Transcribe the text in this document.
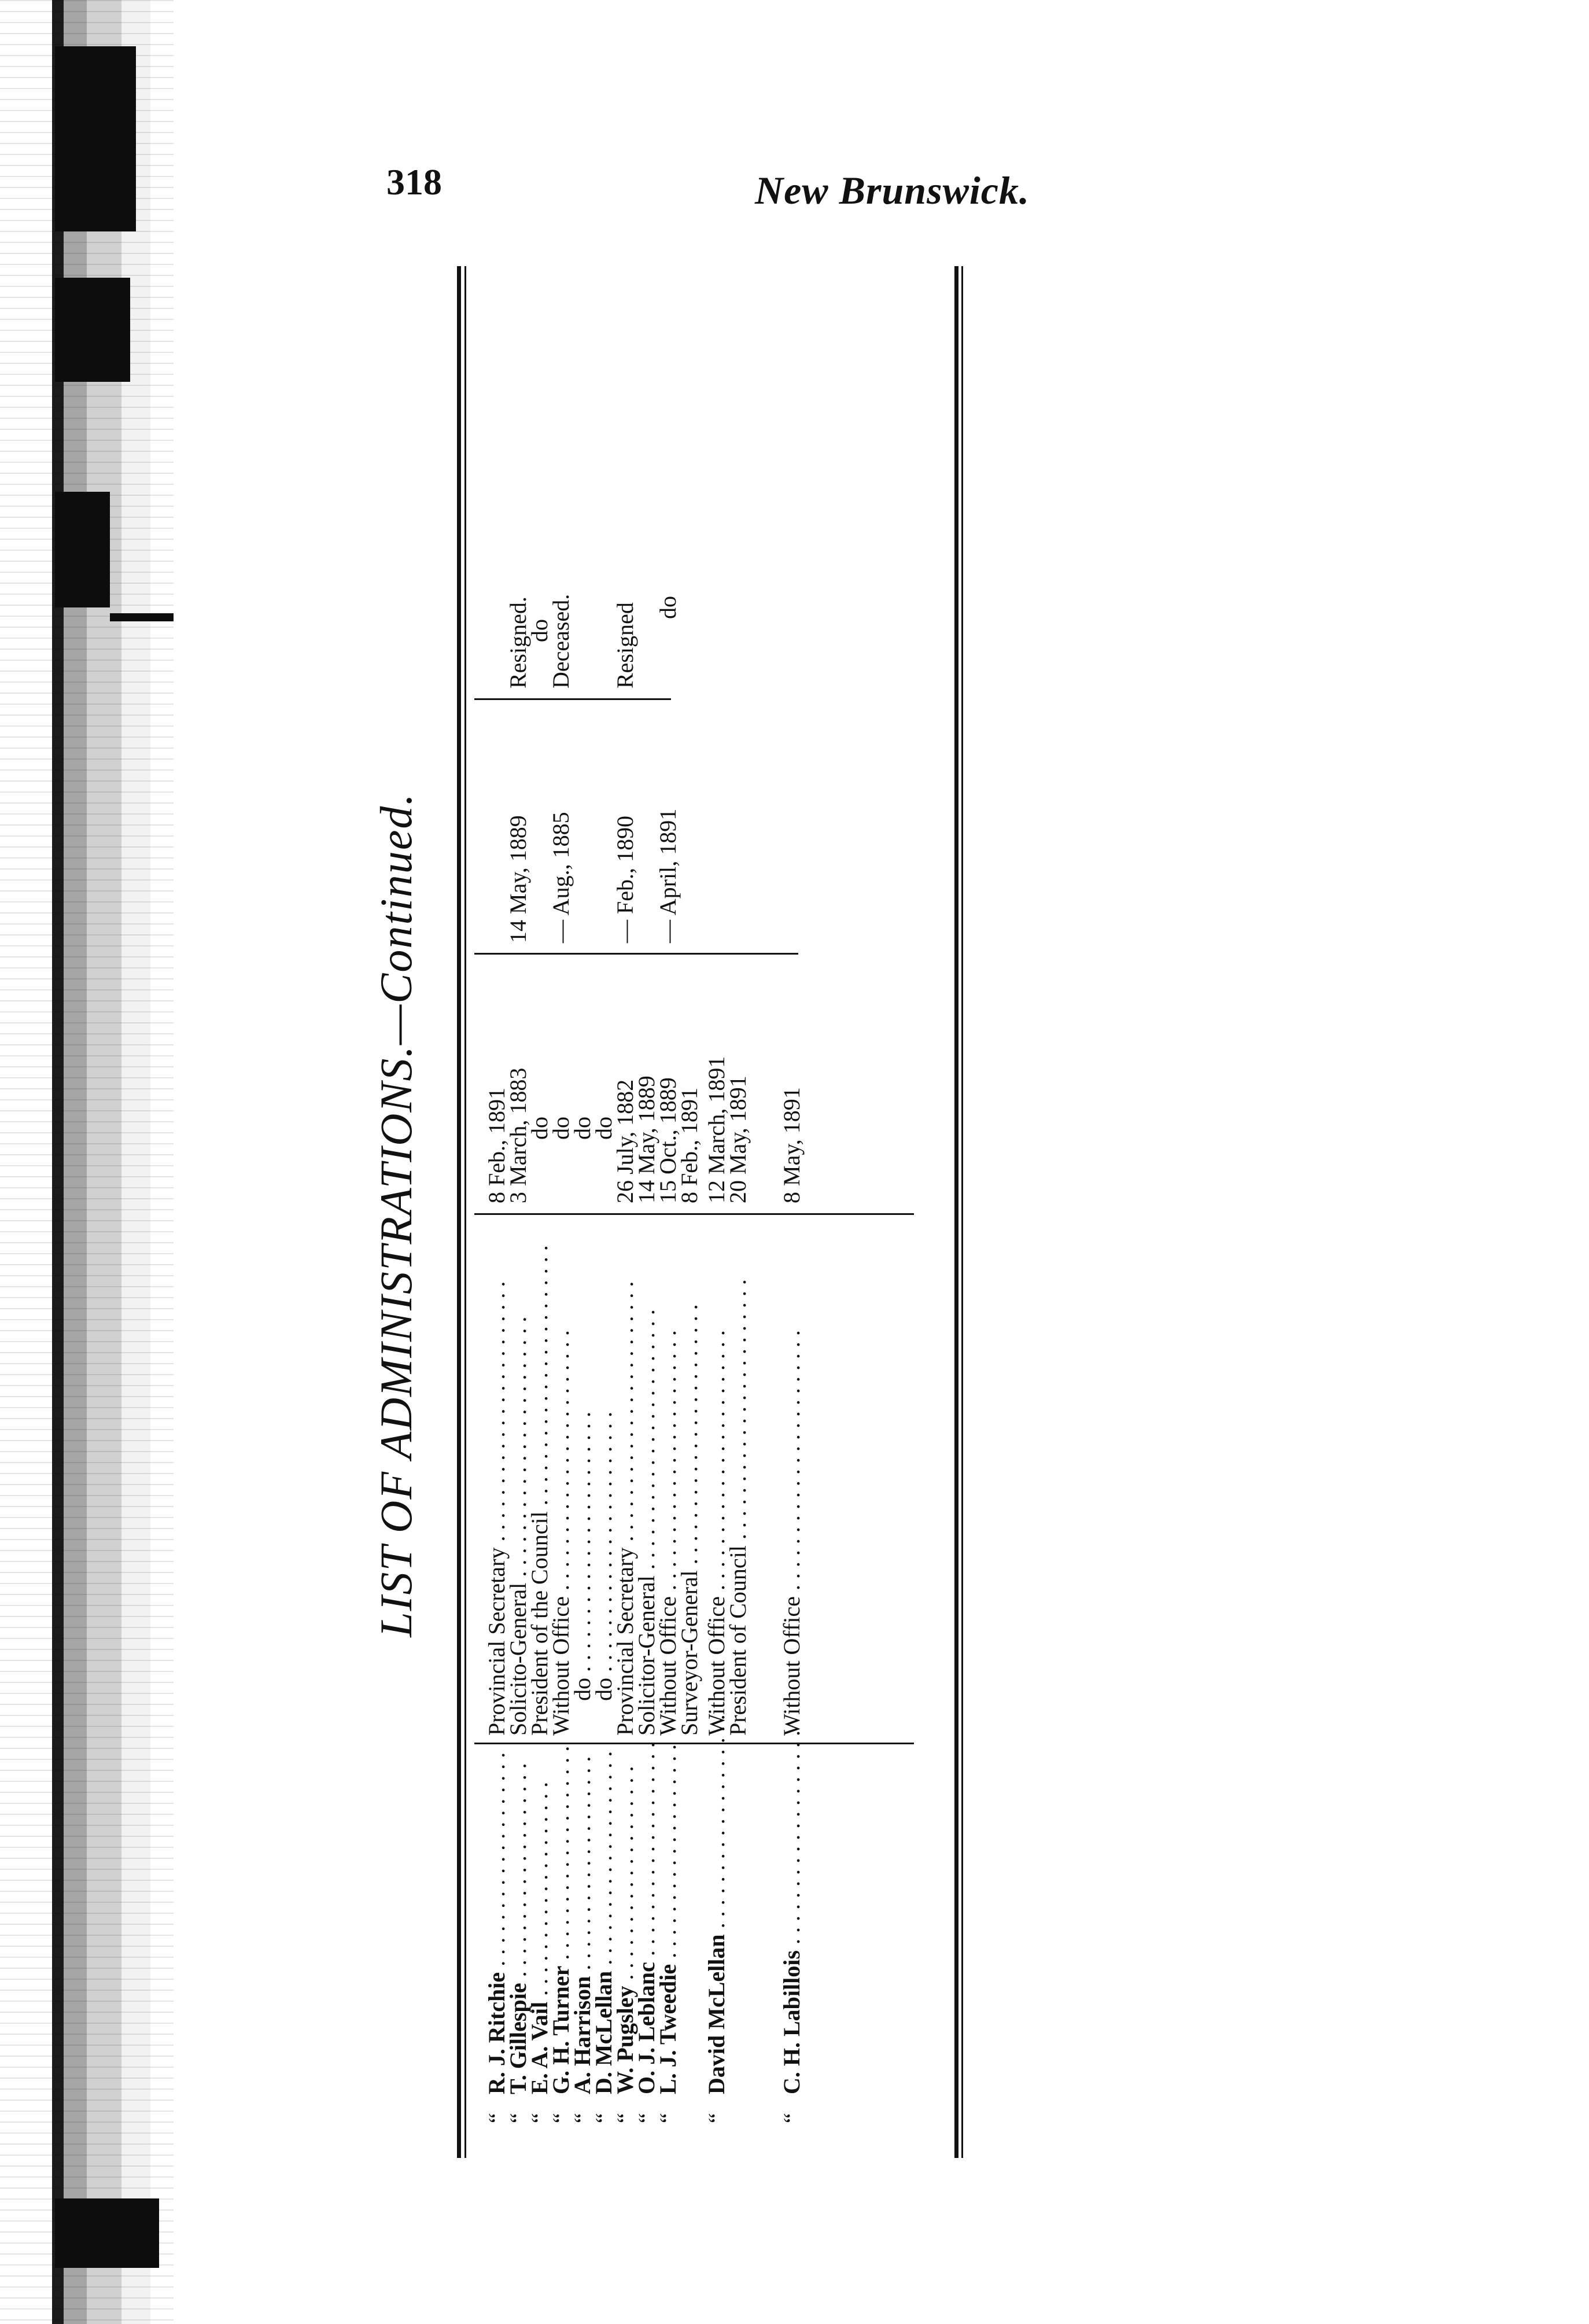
318	New Brunswick.
LIST OF ADMINISTRATIONS.—Continued.
“
R. J. Ritchie . . .
Provincial Secretary . . .
8 Feb., 1891
“
T. Gillespie . . .
Solicito-General . . .
3 March, 1883
14 May, 1889
Resigned.
“
E. A. Vail . . .
President of the Council . . .
do
do
“
G. H. Turner . . .
Without Office . . .
do
— Aug., 1885
Deceased.
“
A. Harrison . . .
do . . .
do
“
D. McLellan . . .
do . . .
do
“
W. Pugsley . . .
Provincial Secretary . . .
26 July, 1882
— Feb., 1890
Resigned
“
O. J. Leblanc . . .
Solicitor-General . . .
14 May, 1889
“
L. J. Tweedie . . .
Without Office . . .
15 Oct., 1889
— April, 1891
do
Surveyor-General . . .
8 Feb., 1891
“
David McLellan . . .
Without Office . . .
12 March, 1891
President of Council . . .
20 May, 1891
“
C. H. Labillois . . .
Without Office . . .
8 May, 1891
